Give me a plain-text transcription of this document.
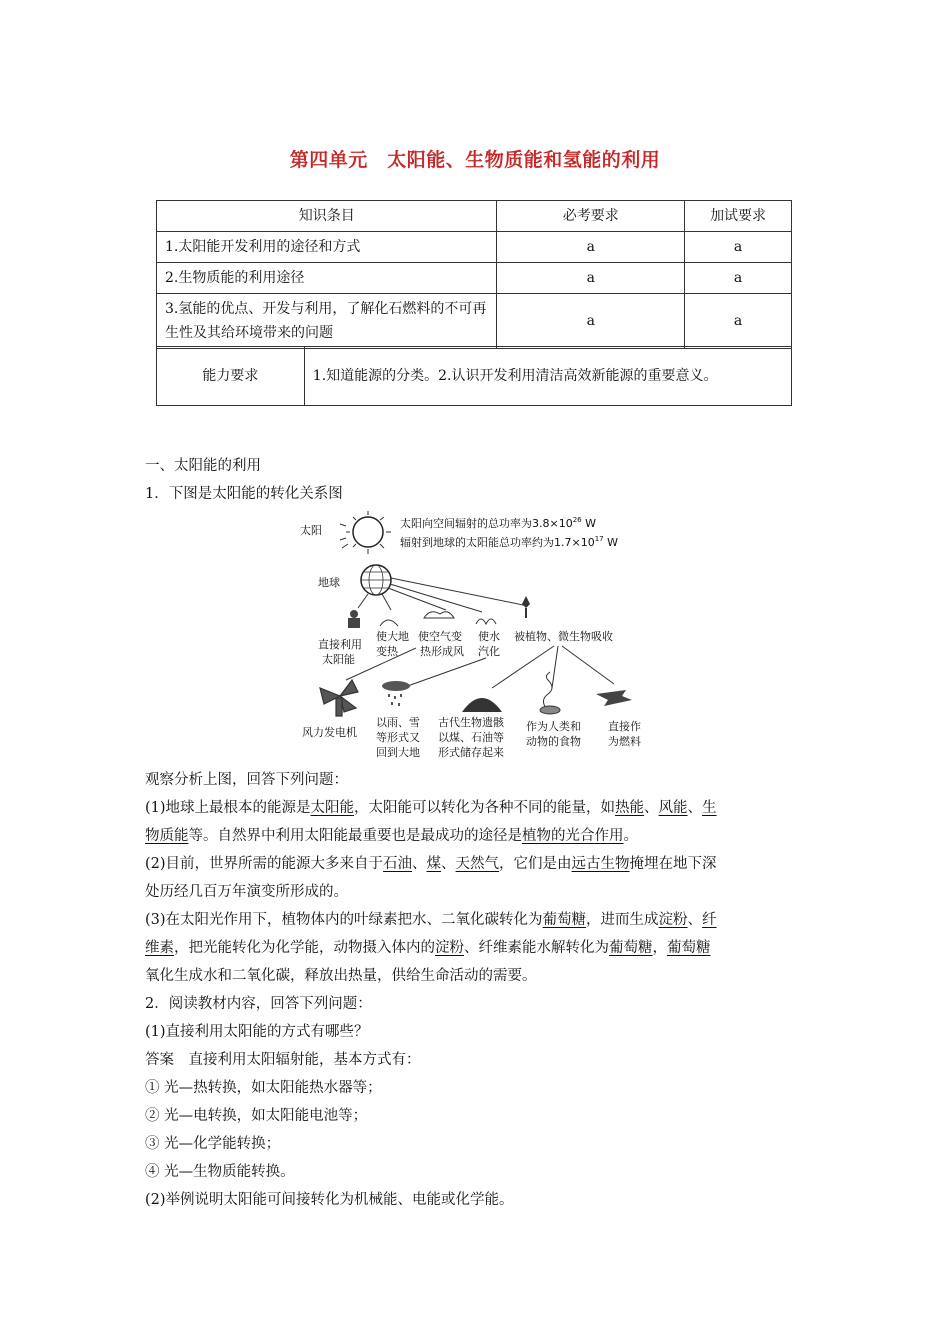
第四单元　太阳能、生物质能和氢能的利用
知识条目	必考要求	加试要求
1.太阳能开发利用的途径和方式	a	a
2.生物质能的利用途径	a	a
3.氢能的优点、开发与利用，了解化石燃料的不可再生性及其给环境带来的问题	a	a
能力要求	1.知道能源的分类。2.认识开发利用清洁高效新能源的重要意义。
一、太阳能的利用
1．下图是太阳能的转化关系图
太阳
太阳向空间辐射的总功率为$3.8\times 10^{26}$ W
辐射到地球的太阳能总功率约为$1.7\times 10^{17}$ W
地球
直接利用
太阳能
使大地
变热
使空气变
热形成风
使水
汽化
被植物、微生物吸收
风力发电机
以雨、雪
等形式又
回到大地
古代生物遗骸
以煤、石油等
形式储存起来
作为人类和
动物的食物
直接作
为燃料
观察分析上图，回答下列问题：
(1)地球上最根本的能源是太阳能，太阳能可以转化为各种不同的能量，如热能、风能、生
物质能等。自然界中利用太阳能最重要也是最成功的途径是植物的光合作用。
(2)目前，世界所需的能源大多来自于石油、煤、天然气，它们是由远古生物掩埋在地下深
处历经几百万年演变所形成的。
(3)在太阳光作用下，植物体内的叶绿素把水、二氧化碳转化为葡萄糖，进而生成淀粉、纤
维素，把光能转化为化学能，动物摄入体内的淀粉、纤维素能水解转化为葡萄糖，葡萄糖
氧化生成水和二氧化碳，释放出热量，供给生命活动的需要。
2．阅读教材内容，回答下列问题：
(1)直接利用太阳能的方式有哪些？
答案　直接利用太阳辐射能，基本方式有：
① 光—热转换，如太阳能热水器等；
② 光—电转换，如太阳能电池等；
③ 光—化学能转换；
④ 光—生物质能转换。
(2)举例说明太阳能可间接转化为机械能、电能或化学能。
